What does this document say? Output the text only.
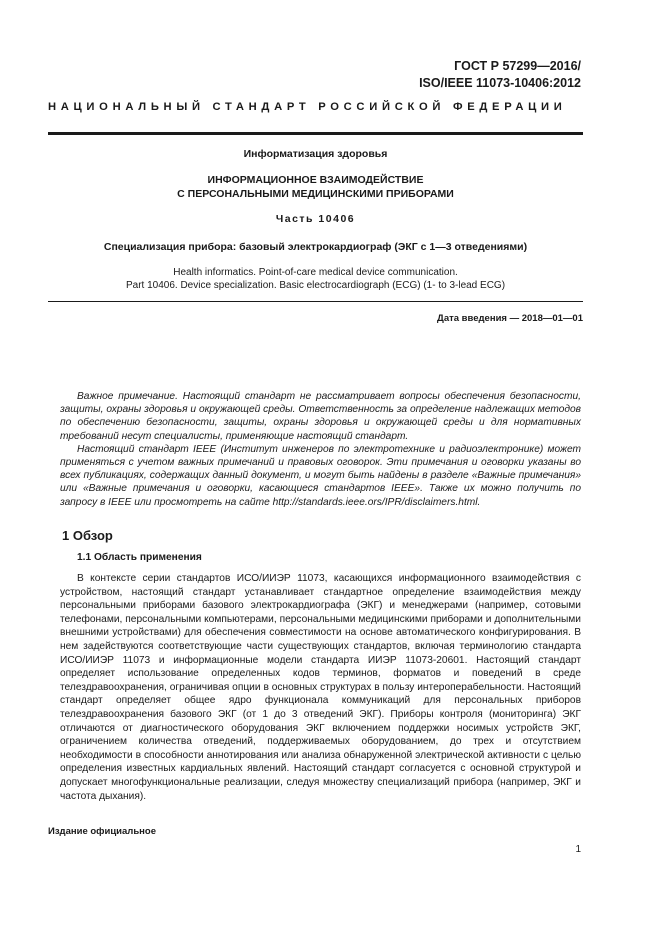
ГОСТ Р 57299—2016/
ISO/IEEE 11073-10406:2012
НАЦИОНАЛЬНЫЙ СТАНДАРТ РОССИЙСКОЙ ФЕДЕРАЦИИ
Информатизация здоровья
ИНФОРМАЦИОННОЕ ВЗАИМОДЕЙСТВИЕ
С ПЕРСОНАЛЬНЫМИ МЕДИЦИНСКИМИ ПРИБОРАМИ
Часть 10406
Специализация прибора: базовый электрокардиограф (ЭКГ с 1—3 отведениями)
Health informatics. Point-of-care medical device communication.
Part 10406. Device specialization. Basic electrocardiograph (ECG) (1- to 3-lead ECG)
Дата введения — 2018—01—01

Важное примечание. Настоящий стандарт не рассматривает вопросы обеспечения безопасности, защиты, охраны здоровья и окружающей среды. Ответственность за определение надлежащих методов по обеспечению безопасности, защиты, охраны здоровья и окружающей среды и для нормативных требований несут специалисты, применяющие настоящий стандарт.

Настоящий стандарт IEEE (Институт инженеров по электротехнике и радиоэлектронике) может применяться с учетом важных примечаний и правовых оговорок. Эти примечания и оговорки указаны во всех публикациях, содержащих данный документ, и могут быть найдены в разделе «Важные примечания» или «Важные примечания и оговорки, касающиеся стандартов IEEE». Также их можно получить по запросу в IEEE или просмотреть на сайте http://standards.ieee.ors/IPR/disclaimers.html.

1 Обзор
1.1 Область применения

В контексте серии стандартов ИСО/ИИЭР 11073, касающихся информационного взаимодействия с устройством, настоящий стандарт устанавливает стандартное определение взаимодействия между персональными приборами базового электрокардиографа (ЭКГ) и менеджерами (например, сотовыми телефонами, персональными компьютерами, персональными медицинскими приборами и дополнительными внешними устройствами) для обеспечения совместимости на основе автоматического конфигурирования. В нем задействуются соответствующие части существующих стандартов, включая терминологию стандарта ИСО/ИИЭР 11073 и информационные модели стандарта ИИЭР 11073-20601. Настоящий стандарт определяет использование определенных кодов терминов, форматов и поведений в среде телездравоохранения, ограничивая опции в основных структурах в пользу интероперабельности. Настоящий стандарт определяет общее ядро функционала коммуникаций для персональных приборов телездравоохранения базового ЭКГ (от 1 до 3 отведений ЭКГ). Приборы контроля (мониторинга) ЭКГ отличаются от диагностического оборудования ЭКГ включением поддержки носимых устройств ЭКГ, ограничением количества отведений, поддерживаемых оборудованием, до трех и отсутствием необходимости в способности аннотирования или анализа обнаруженной электрической активности с целью определения известных кардиальных явлений. Настоящий стандарт согласуется с основной структурой и допускает многофункциональные реализации, следуя множеству специализаций прибора (например, ЭКГ и частота дыхания).

Издание официальное
1
